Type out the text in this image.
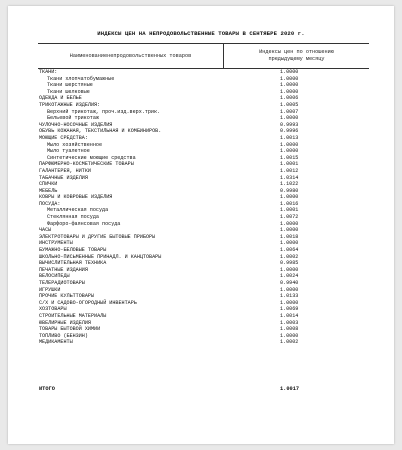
ИНДЕКСЫ ЦЕН НА НЕПРОДОВОЛЬСТВЕННЫЕ ТОВАРЫ В СЕНТЯБРЕ 2020 г.
Наименованиенепродовольственных товаров
Индексы цен по отношению
предыдущему месяцу
ТКАНИ:	1.0000
Ткани хлопчатобумажные	1.0000
Ткани шерстяные	1.0000
Ткани шелковые	1.0000
ОДЕЖДА И БЕЛЬЕ	1.0006
ТРИКОТАЖНЫЕ ИЗДЕЛИЯ:	1.0005
Верхний трикотаж, проч.изд.верх.трик.	1.0007
Бельевой трикотаж	1.0000
ЧУЛОЧНО-НОСОЧНЫЕ ИЗДЕЛИЯ	0.9993
ОБУВЬ КОЖАНАЯ, ТЕКСТИЛЬНАЯ И КОМБИНИРОВ.	0.9996
МОЮЩИЕ СРЕДСТВА:	1.0013
Мыло хозяйственное	1.0000
Мыло туалетное	1.0000
Синтетические моющие средства	1.0015
ПАРФЮМЕРНО-КОСМЕТИЧЕСКИЕ ТОВАРЫ	1.0001
ГАЛАНТЕРЕЯ, НИТКИ	1.0012
ТАБАЧНЫЕ ИЗДЕЛИЯ	1.0314
СПИЧКИ	1.1022
МЕБЕЛЬ	0.9980
КОВРЫ И КОВРОВЫЕ ИЗДЕЛИЯ	1.0000
ПОСУДА:	1.0016
Металлическая посуда	1.0001
Стеклянная посуда	1.0072
Фарфоро-фаянсовая посуда	1.0000
ЧАСЫ	1.0000
ЭЛЕКТРОТОВАРЫ И ДРУГИЕ БЫТОВЫЕ ПРИБОРЫ	1.0018
ИНСТРУМЕНТЫ	1.0000
БУМАЖНО-БЕЛОВЫЕ ТОВАРЫ	1.0064
ШКОЛЬНО-ПИСЬМЕННЫЕ ПРИНАДЛ. И КАНЦТОВАРЫ	1.0002
ВЫЧИСЛИТЕЛЬНАЯ ТЕХНИКА	0.9985
ПЕЧАТНЫЕ ИЗДАНИЯ	1.0000
ВЕЛОСИПЕДЫ	1.0024
ТЕЛЕРАДИОТОВАРЫ	0.9940
ИГРУШКИ	1.0000
ПРОЧИЕ КУЛЬТТОВАРЫ	1.0133
С/Х И САДОВО-ОГОРОДНЫЙ ИНВЕНТАРЬ	1.0000
ХОЗТОВАРЫ	1.0069
СТРОИТЕЛЬНЫЕ МАТЕРИАЛЫ	1.0014
ЮВЕЛИРНЫЕ ИЗДЕЛИЯ	1.0003
ТОВАРЫ БЫТОВОЙ ХИМИИ	1.0008
ТОПЛИВО (БЕНЗИН)	1.0000
МЕДИКАМЕНТЫ	1.0002
ИТОГО	1.0017
